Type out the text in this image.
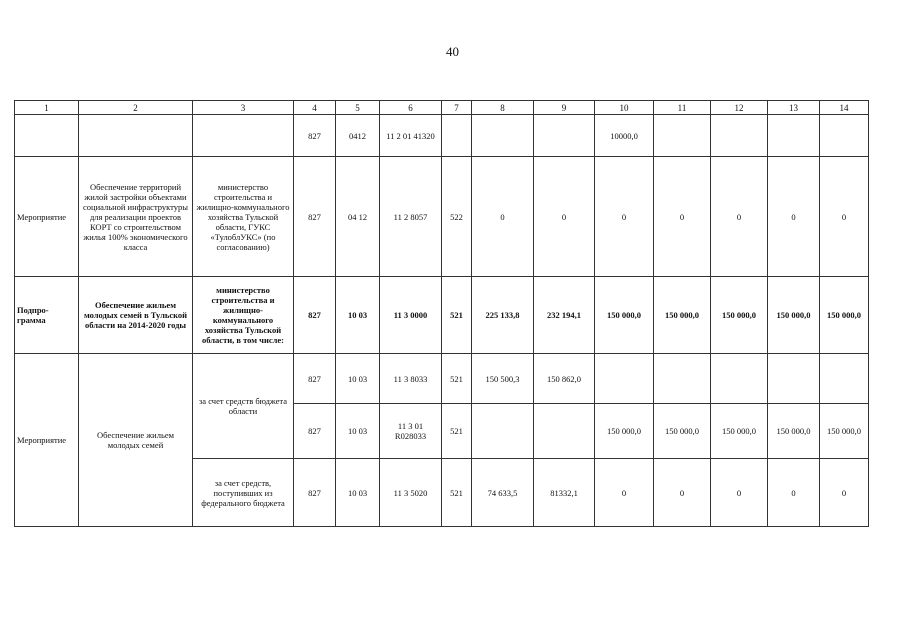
40
1	2	3	4	5	6	7	8	9	10	11	12	13	14
			827	0412	11 2 01 41320				10000,0				
Мероприятие	Обеспечение территорий жилой застройки объектами социальной инфраструктуры для реализации проектов КОРТ со строительством жилья 100% экономического класса	министерство строительства и жилищно-коммунального хозяйства Тульской области, ГУКС «ТулоблУКС» (по согласованию)	827	04 12	11 2 8057	522	0	0	0	0	0	0	0
Подпро-грамма	Обеспечение жильем молодых семей в Тульской области на 2014-2020 годы	министерство строительства и жилищно-коммунального хозяйства Тульской области, в том числе:	827	10 03	11 3 0000	521	225 133,8	232 194,1	150 000,0	150 000,0	150 000,0	150 000,0	150 000,0
Мероприятие	Обеспечение жильем молодых семей	за счет средств бюджета области	827	10 03	11 3 8033	521	150 500,3	150 862,0					
			827	10 03	11 3 01 R028033	521			150 000,0	150 000,0	150 000,0	150 000,0	150 000,0
		за счет средств, поступивших из федерального бюджета	827	10 03	11 3 5020	521	74 633,5	81332,1	0	0	0	0	0
